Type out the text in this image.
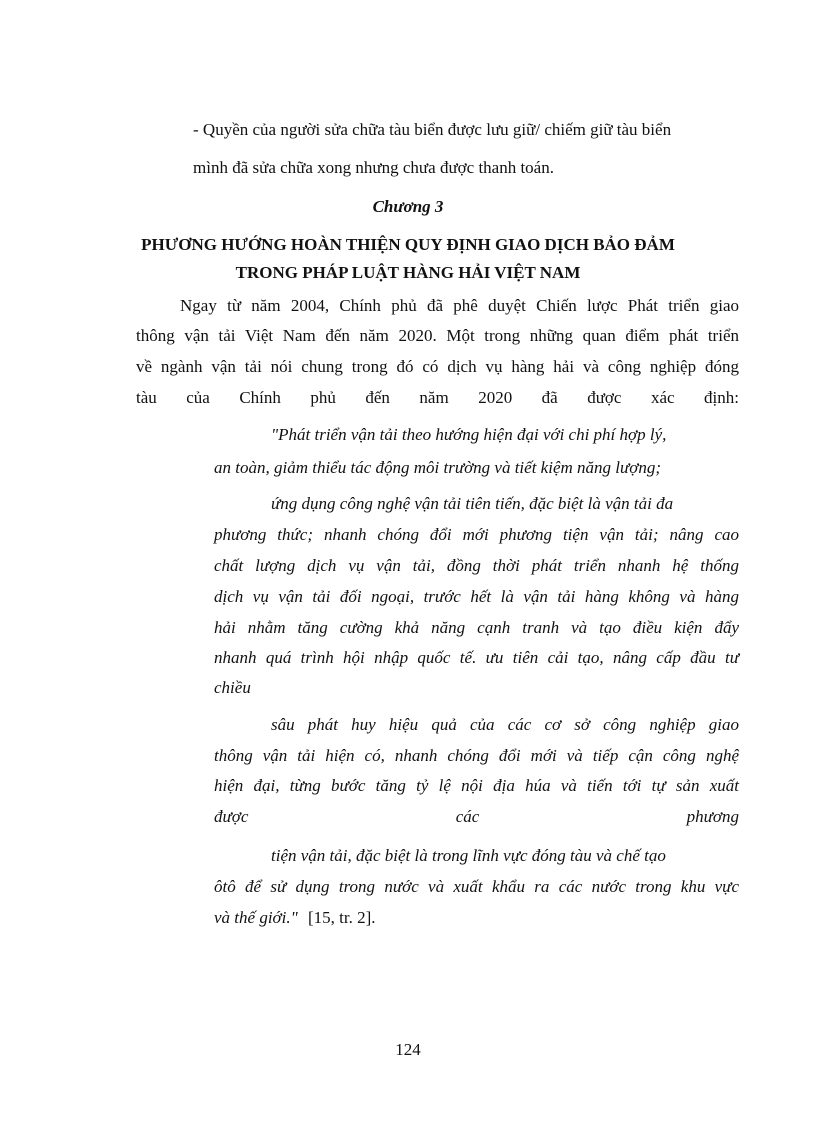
- Quyền của người sửa chữa tàu biển được lưu giữ/ chiếm giữ tàu biển

mình đã sửa chữa xong nhưng chưa được thanh toán.

Chương 3

PHƯƠNG HƯỚNG HOÀN THIỆN QUY ĐỊNH GIAO DỊCH BẢO ĐẢM

TRONG PHÁP LUẬT HÀNG HẢI VIỆT NAM

Ngay từ năm 2004, Chính phủ đã phê duyệt Chiến lược Phát triển giao

thông vận tải Việt Nam đến năm 2020. Một trong những quan điểm phát triển

về ngành vận tải nói chung trong đó có dịch vụ hàng hải và công nghiệp đóng

tàu của Chính phủ đến năm 2020 đã được xác định:

"Phát triển vận tải theo hướng hiện đại với chi phí hợp lý,

an toàn, giảm thiểu tác động môi trường và tiết kiệm năng lượng;

ứng dụng công nghệ vận tải tiên tiến, đặc biệt là vận tải đa

phương thức; nhanh chóng đổi mới phương tiện vận tải; nâng cao

chất lượng dịch vụ vận tải, đồng thời phát triển nhanh hệ thống

dịch vụ vận tải đối ngoại, trước hết là vận tải hàng không và hàng

hải nhằm tăng cường khả năng cạnh tranh và tạo điều kiện đẩy

nhanh quá trình hội nhập quốc tế. ưu tiên cải tạo, nâng cấp đầu tư

chiều

sâu phát huy hiệu quả của các cơ sở công nghiệp giao

thông vận tải hiện có, nhanh chóng đổi mới và tiếp cận công nghệ

hiện đại, từng bước tăng tỷ lệ nội địa húa và tiến tới tự sản xuất

được	các	phương

tiện vận tải, đặc biệt là trong lĩnh vực đóng tàu và chế tạo

ôtô để sử dụng trong nước và xuất khẩu ra các nước trong khu vực

và thế giới." [15, tr. 2].

124
